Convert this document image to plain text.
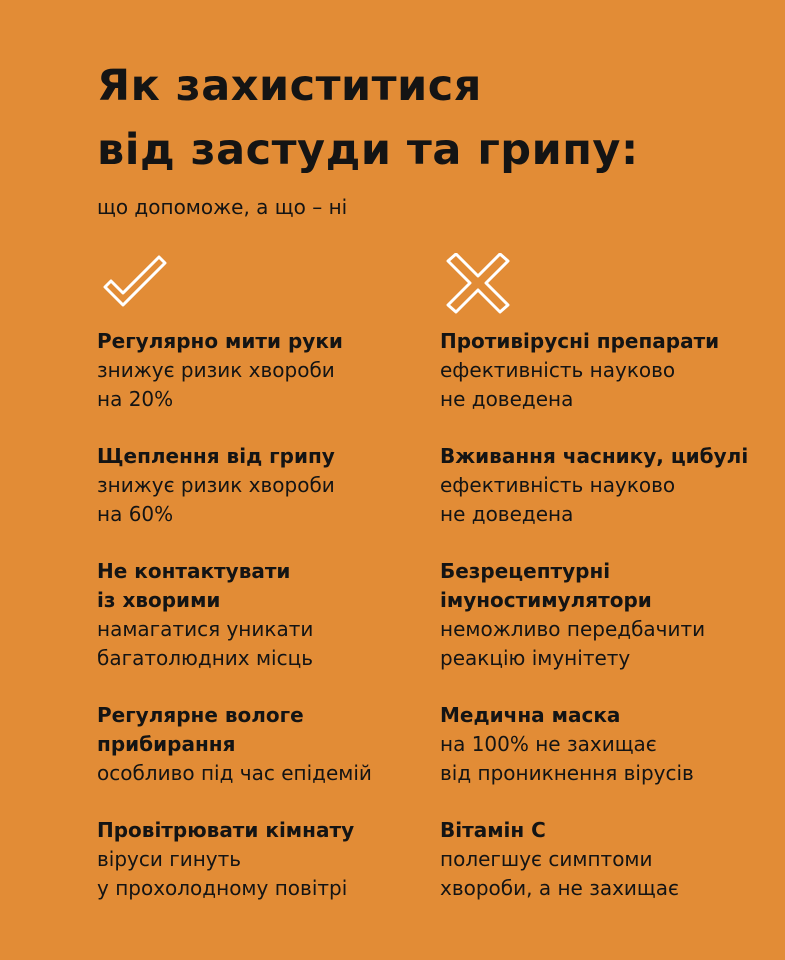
Як захиститися
від застуди та грипу:

що допоможе, а що – ні

Регулярно мити руки
знижує ризик хвороби
на 20%
Щеплення від грипу
знижує ризик хвороби
на 60%
Не контактувати
із хворими
намагатися уникати
багатолюдних місць
Регулярне вологе
прибирання
особливо під час епідемій
Провітрювати кімнату
віруси гинуть
у прохолодному повітрі
Противірусні препарати
ефективність науково
не доведена
Вживання часнику, цибулі
ефективність науково
не доведена
Безрецептурні
імуностимулятори
неможливо передбачити
реакцію імунітету
Медична маска
на 100% не захищає
від проникнення вірусів
Вітамін С
полегшує симптоми
хвороби, а не захищає
